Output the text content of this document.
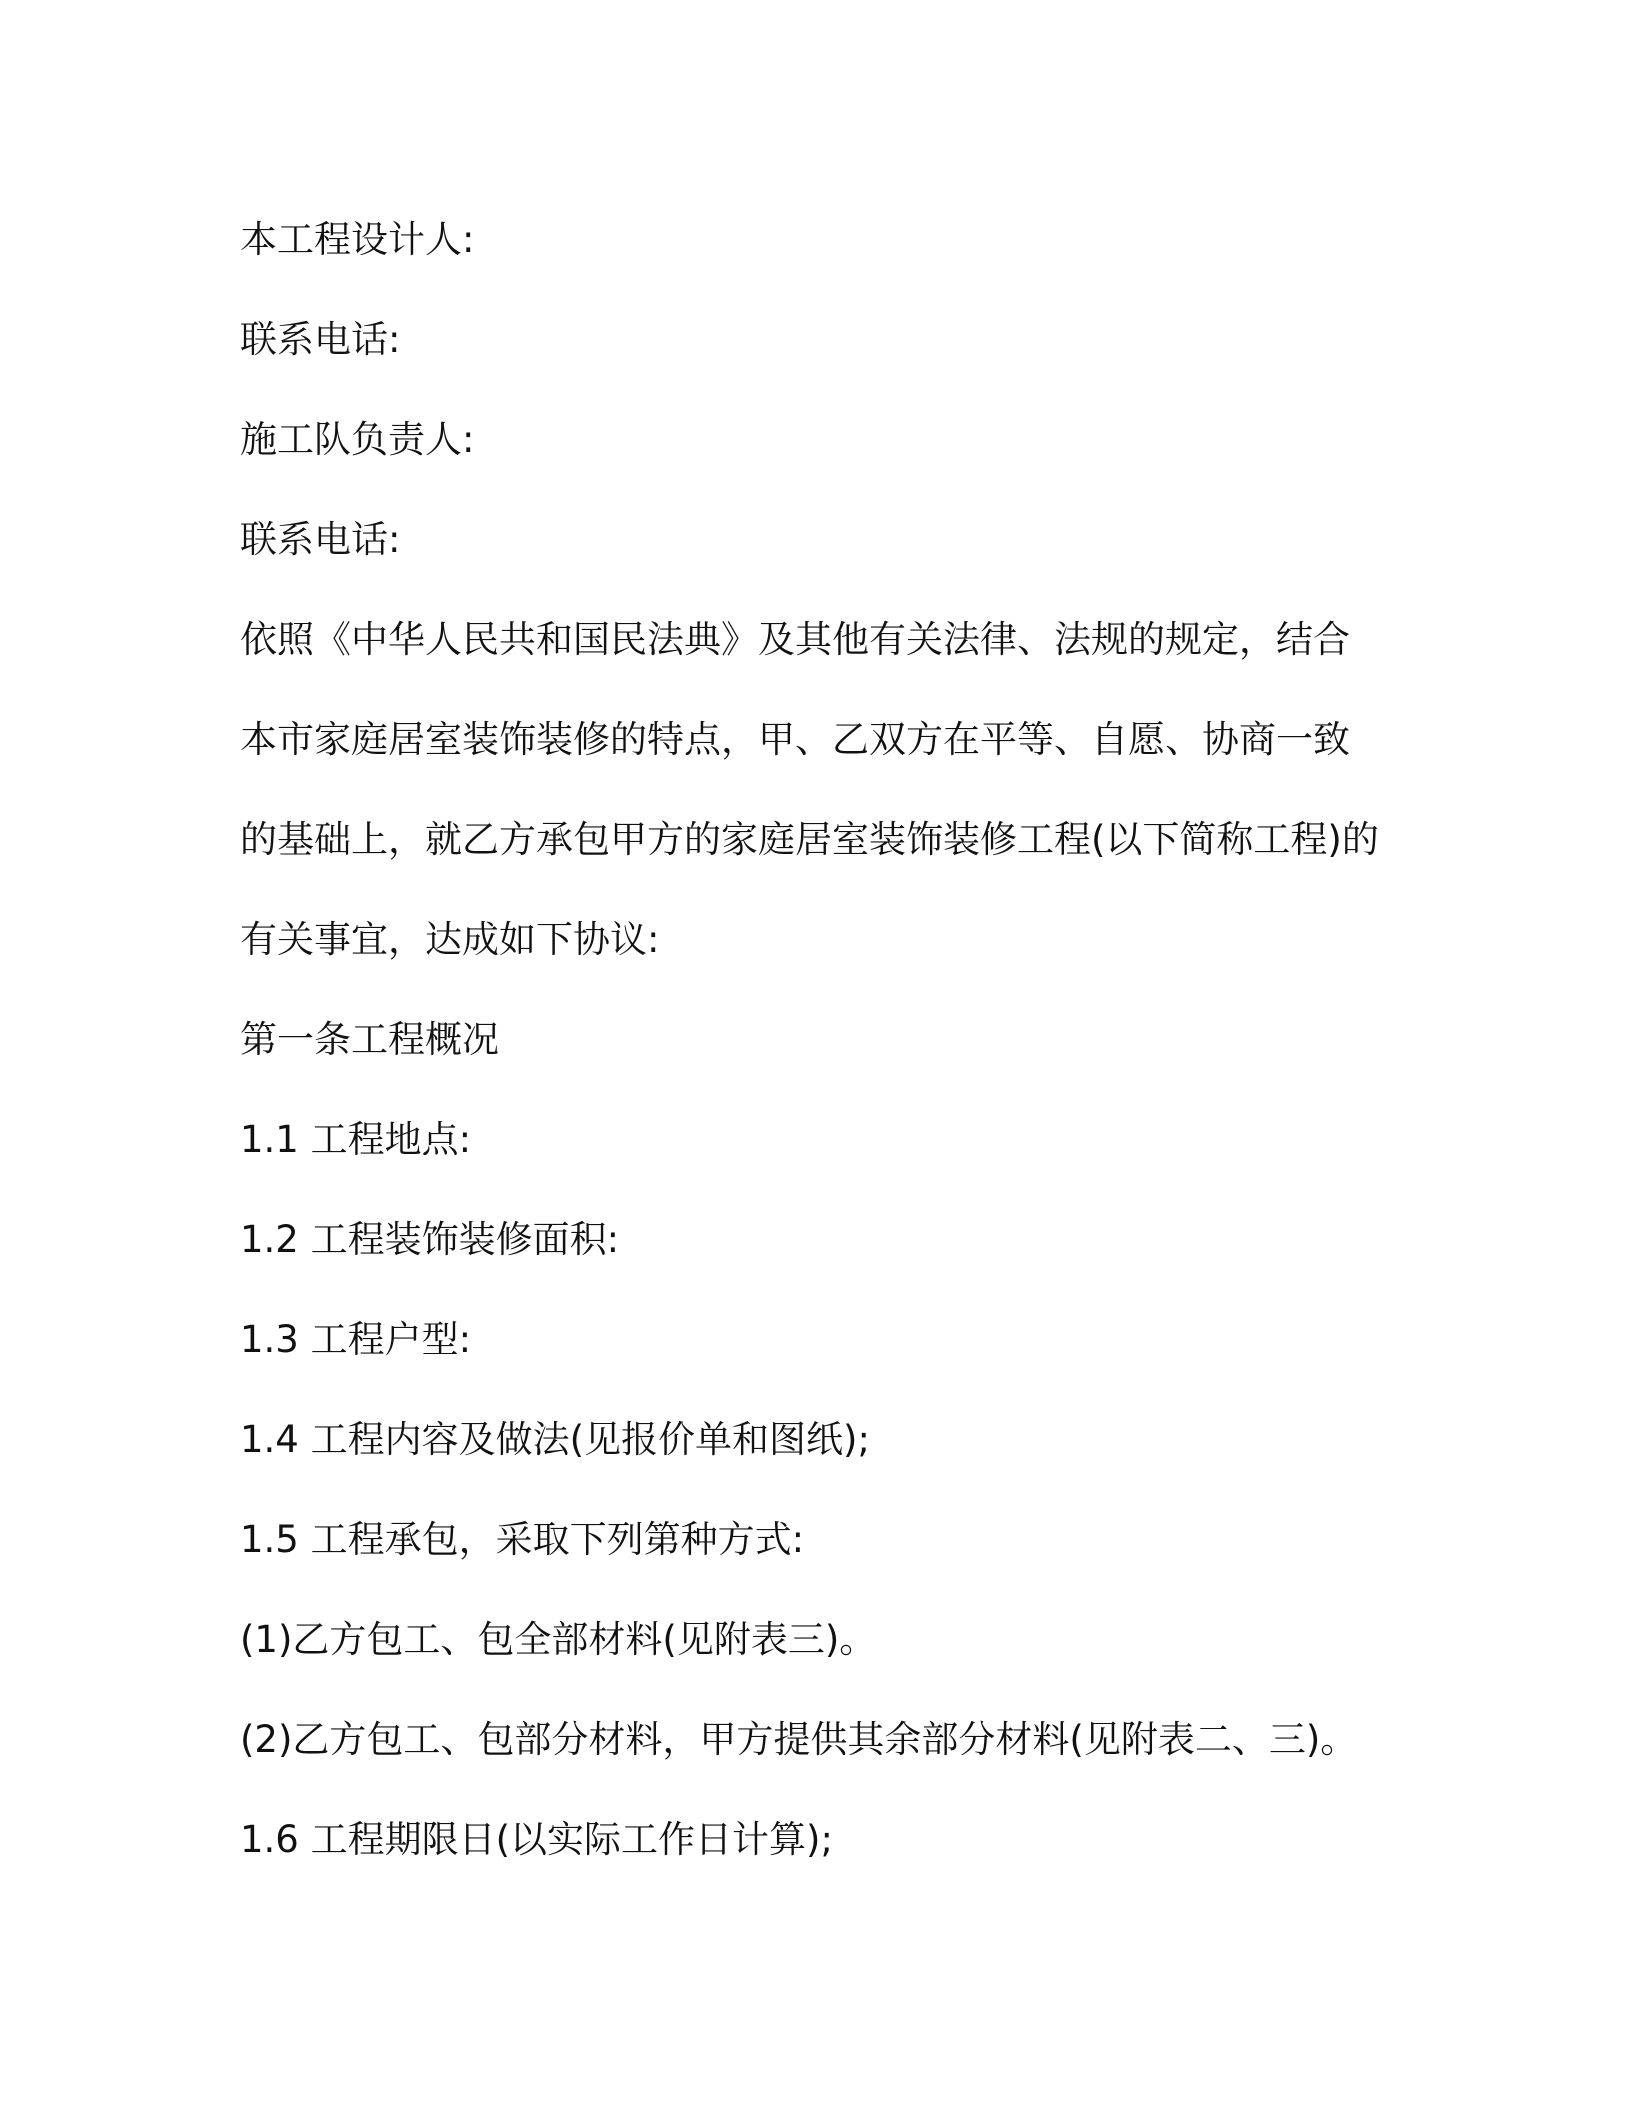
本工程设计人:
联系电话:
施工队负责人:
联系电话:
依照《中华人民共和国民法典》及其他有关法律、法规的规定，结合
本市家庭居室装饰装修的特点，甲、乙双方在平等、自愿、协商一致
的基础上，就乙方承包甲方的家庭居室装饰装修工程(以下简称工程)的
有关事宜，达成如下协议:
第一条工程概况
1.1 工程地点:
1.2 工程装饰装修面积:
1.3 工程户型:
1.4 工程内容及做法(见报价单和图纸);
1.5 工程承包，采取下列第种方式:
(1)乙方包工、包全部材料(见附表三)。
(2)乙方包工、包部分材料，甲方提供其余部分材料(见附表二、三)。
1.6 工程期限日(以实际工作日计算);
